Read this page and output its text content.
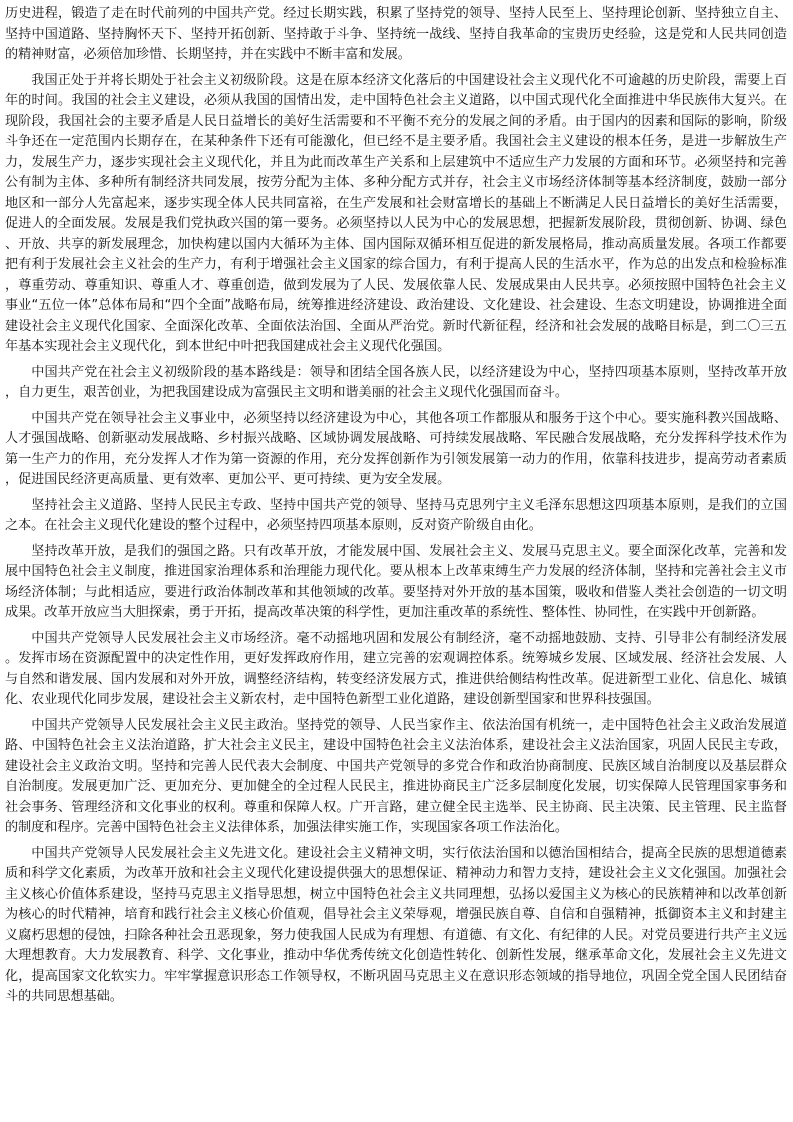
历史进程，锻造了走在时代前列的中国共产党。经过长期实践，积累了坚持党的领导、坚持人民至上、坚持理论创新、坚持独立自主、坚持中国道路、坚持胸怀天下、坚持开拓创新、坚持敢于斗争、坚持统一战线、坚持自我革命的宝贵历史经验，这是党和人民共同创造的精神财富，必须倍加珍惜、长期坚持，并在实践中不断丰富和发展。

我国正处于并将长期处于社会主义初级阶段。这是在原本经济文化落后的中国建设社会主义现代化不可逾越的历史阶段，需要上百年的时间。我国的社会主义建设，必须从我国的国情出发，走中国特色社会主义道路，以中国式现代化全面推进中华民族伟大复兴。在现阶段，我国社会的主要矛盾是人民日益增长的美好生活需要和不平衡不充分的发展之间的矛盾。由于国内的因素和国际的影响，阶级斗争还在一定范围内长期存在，在某种条件下还有可能激化，但已经不是主要矛盾。我国社会主义建设的根本任务，是进一步解放生产力，发展生产力，逐步实现社会主义现代化，并且为此而改革生产关系和上层建筑中不适应生产力发展的方面和环节。必须坚持和完善公有制为主体、多种所有制经济共同发展，按劳分配为主体、多种分配方式并存，社会主义市场经济体制等基本经济制度，鼓励一部分地区和一部分人先富起来，逐步实现全体人民共同富裕，在生产发展和社会财富增长的基础上不断满足人民日益增长的美好生活需要，促进人的全面发展。发展是我们党执政兴国的第一要务。必须坚持以人民为中心的发展思想，把握新发展阶段，贯彻创新、协调、绿色、开放、共享的新发展理念，加快构建以国内大循环为主体、国内国际双循环相互促进的新发展格局，推动高质量发展。各项工作都要把有利于发展社会主义社会的生产力，有利于增强社会主义国家的综合国力，有利于提高人民的生活水平，作为总的出发点和检验标准，尊重劳动、尊重知识、尊重人才、尊重创造，做到发展为了人民、发展依靠人民、发展成果由人民共享。必须按照中国特色社会主义事业“五位一体”总体布局和“四个全面”战略布局，统筹推进经济建设、政治建设、文化建设、社会建设、生态文明建设，协调推进全面建设社会主义现代化国家、全面深化改革、全面依法治国、全面从严治党。新时代新征程，经济和社会发展的战略目标是，到二〇三五年基本实现社会主义现代化，到本世纪中叶把我国建成社会主义现代化强国。

中国共产党在社会主义初级阶段的基本路线是：领导和团结全国各族人民，以经济建设为中心，坚持四项基本原则，坚持改革开放，自力更生，艰苦创业，为把我国建设成为富强民主文明和谐美丽的社会主义现代化强国而奋斗。

中国共产党在领导社会主义事业中，必须坚持以经济建设为中心，其他各项工作都服从和服务于这个中心。要实施科教兴国战略、人才强国战略、创新驱动发展战略、乡村振兴战略、区域协调发展战略、可持续发展战略、军民融合发展战略，充分发挥科学技术作为第一生产力的作用，充分发挥人才作为第一资源的作用，充分发挥创新作为引领发展第一动力的作用，依靠科技进步，提高劳动者素质，促进国民经济更高质量、更有效率、更加公平、更可持续、更为安全发展。

坚持社会主义道路、坚持人民民主专政、坚持中国共产党的领导、坚持马克思列宁主义毛泽东思想这四项基本原则，是我们的立国之本。在社会主义现代化建设的整个过程中，必须坚持四项基本原则，反对资产阶级自由化。

坚持改革开放，是我们的强国之路。只有改革开放，才能发展中国、发展社会主义、发展马克思主义。要全面深化改革，完善和发展中国特色社会主义制度，推进国家治理体系和治理能力现代化。要从根本上改革束缚生产力发展的经济体制，坚持和完善社会主义市场经济体制；与此相适应，要进行政治体制改革和其他领域的改革。要坚持对外开放的基本国策，吸收和借鉴人类社会创造的一切文明成果。改革开放应当大胆探索，勇于开拓，提高改革决策的科学性，更加注重改革的系统性、整体性、协同性，在实践中开创新路。

中国共产党领导人民发展社会主义市场经济。毫不动摇地巩固和发展公有制经济，毫不动摇地鼓励、支持、引导非公有制经济发展。发挥市场在资源配置中的决定性作用，更好发挥政府作用，建立完善的宏观调控体系。统筹城乡发展、区域发展、经济社会发展、人与自然和谐发展、国内发展和对外开放，调整经济结构，转变经济发展方式，推进供给侧结构性改革。促进新型工业化、信息化、城镇化、农业现代化同步发展，建设社会主义新农村，走中国特色新型工业化道路，建设创新型国家和世界科技强国。

中国共产党领导人民发展社会主义民主政治。坚持党的领导、人民当家作主、依法治国有机统一，走中国特色社会主义政治发展道路、中国特色社会主义法治道路，扩大社会主义民主，建设中国特色社会主义法治体系，建设社会主义法治国家，巩固人民民主专政，建设社会主义政治文明。坚持和完善人民代表大会制度、中国共产党领导的多党合作和政治协商制度、民族区域自治制度以及基层群众自治制度。发展更加广泛、更加充分、更加健全的全过程人民民主，推进协商民主广泛多层制度化发展，切实保障人民管理国家事务和社会事务、管理经济和文化事业的权利。尊重和保障人权。广开言路，建立健全民主选举、民主协商、民主决策、民主管理、民主监督的制度和程序。完善中国特色社会主义法律体系，加强法律实施工作，实现国家各项工作法治化。

中国共产党领导人民发展社会主义先进文化。建设社会主义精神文明，实行依法治国和以德治国相结合，提高全民族的思想道德素质和科学文化素质，为改革开放和社会主义现代化建设提供强大的思想保证、精神动力和智力支持，建设社会主义文化强国。加强社会主义核心价值体系建设，坚持马克思主义指导思想，树立中国特色社会主义共同理想，弘扬以爱国主义为核心的民族精神和以改革创新为核心的时代精神，培育和践行社会主义核心价值观，倡导社会主义荣辱观，增强民族自尊、自信和自强精神，抵御资本主义和封建主义腐朽思想的侵蚀，扫除各种社会丑恶现象，努力使我国人民成为有理想、有道德、有文化、有纪律的人民。对党员要进行共产主义远大理想教育。大力发展教育、科学、文化事业，推动中华优秀传统文化创造性转化、创新性发展，继承革命文化，发展社会主义先进文化，提高国家文化软实力。牢牢掌握意识形态工作领导权，不断巩固马克思主义在意识形态领域的指导地位，巩固全党全国人民团结奋斗的共同思想基础。
